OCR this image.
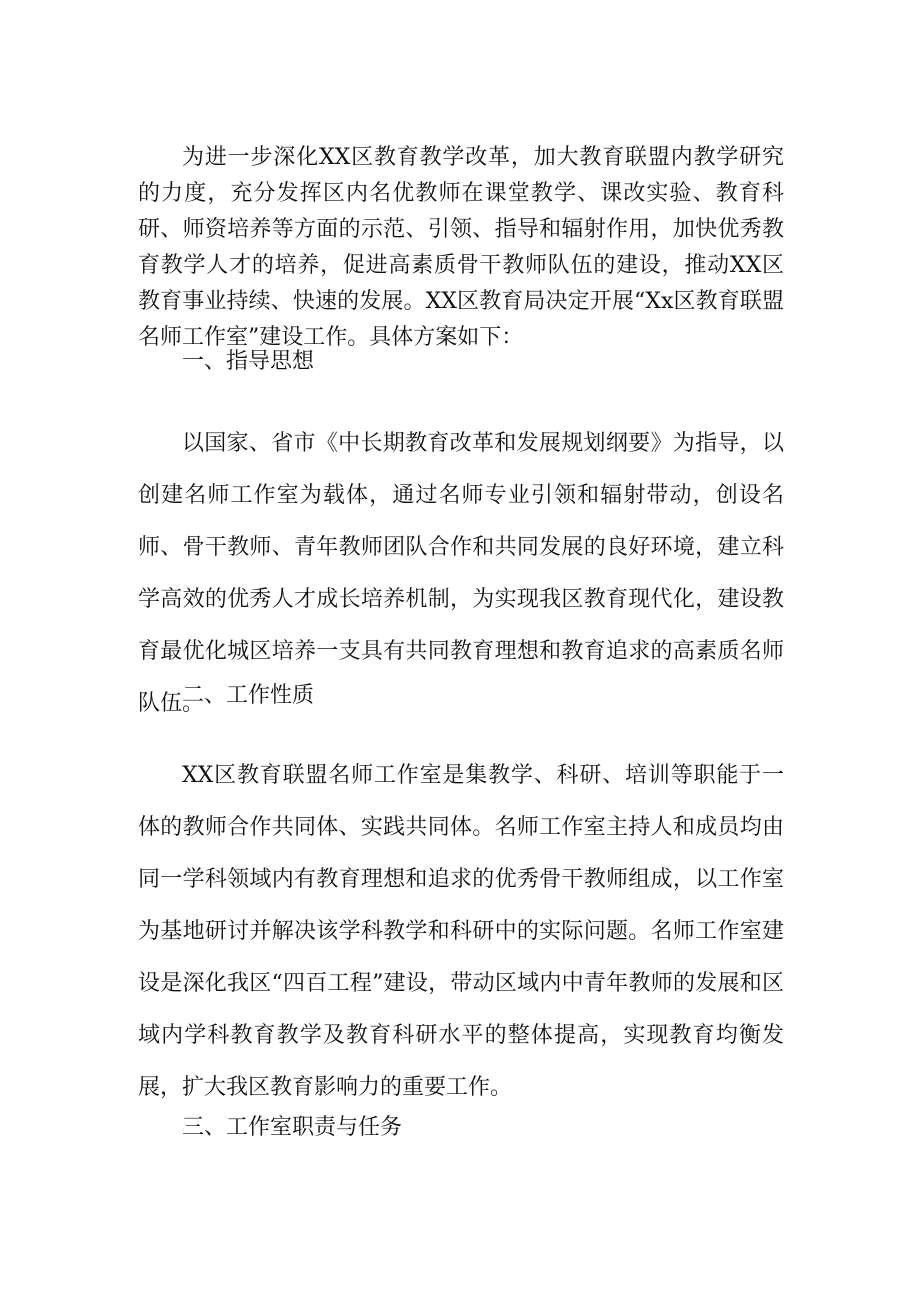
为进一步深化XX区教育教学改革，加大教育联盟内教学研究的力度，充分发挥区内名优教师在课堂教学、课改实验、教育科研、师资培养等方面的示范、引领、指导和辐射作用，加快优秀教育教学人才的培养，促进高素质骨干教师队伍的建设，推动XX区教育事业持续、快速的发展。XX区教育局决定开展“Xx区教育联盟名师工作室”建设工作。具体方案如下：

一、指导思想

以国家、省市《中长期教育改革和发展规划纲要》为指导，以创建名师工作室为载体，通过名师专业引领和辐射带动，创设名师、骨干教师、青年教师团队合作和共同发展的良好环境，建立科学高效的优秀人才成长培养机制，为实现我区教育现代化，建设教育最优化城区培养一支具有共同教育理想和教育追求的高素质名师队伍。

二、工作性质

XX区教育联盟名师工作室是集教学、科研、培训等职能于一体的教师合作共同体、实践共同体。名师工作室主持人和成员均由同一学科领域内有教育理想和追求的优秀骨干教师组成，以工作室为基地研讨并解决该学科教学和科研中的实际问题。名师工作室建设是深化我区“四百工程”建设，带动区域内中青年教师的发展和区域内学科教育教学及教育科研水平的整体提高，实现教育均衡发展，扩大我区教育影响力的重要工作。

三、工作室职责与任务
